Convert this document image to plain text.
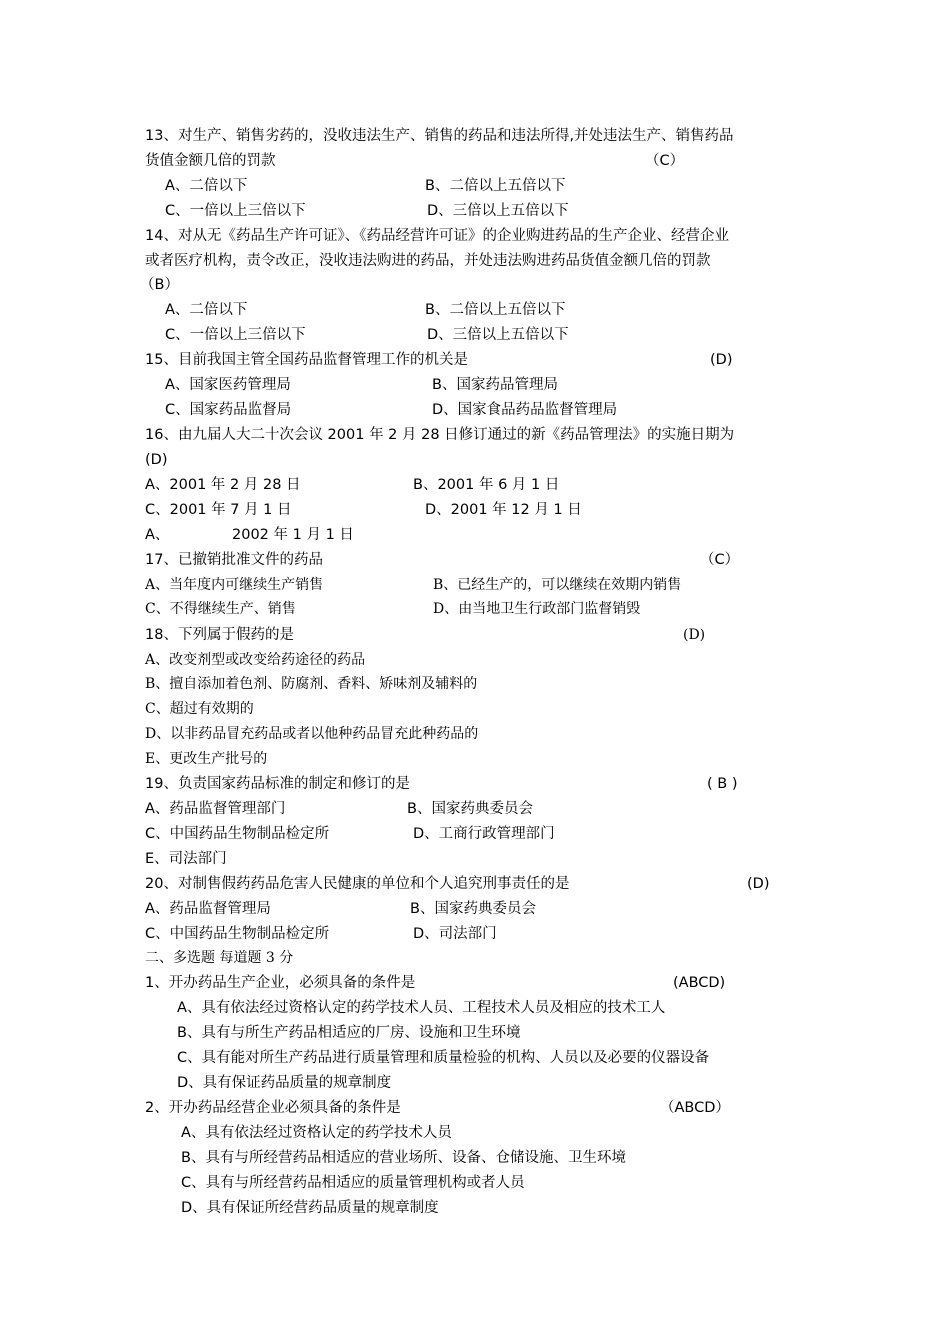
13、对生产、销售劣药的，没收违法生产、销售的药品和违法所得,并处违法生产、销售药品
货值金额几倍的罚款	（C）
A、二倍以下	B、二倍以上五倍以下
C、一倍以上三倍以下	D、三倍以上五倍以下
14、对从无《药品生产许可证》、《药品经营许可证》的企业购进药品的生产企业、经营企业
或者医疗机构，责令改正，没收违法购进的药品，并处违法购进药品货值金额几倍的罚款
（B）
A、二倍以下	B、二倍以上五倍以下
C、一倍以上三倍以下	D、三倍以上五倍以下
15、目前我国主管全国药品监督管理工作的机关是	(D)
A、国家医药管理局	B、国家药品管理局
C、国家药品监督局	D、国家食品药品监督管理局
16、由九届人大二十次会议 2001 年 2 月 28 日修订通过的新《药品管理法》的实施日期为
(D)
A、2001 年 2 月 28 日	B、2001 年 6 月 1 日
C、2001 年 7 月 1 日	D、2001 年 12 月 1 日
A、	2002 年 1 月 1 日
17、已撤销批准文件的药品	（C）
A、当年度内可继续生产销售	B、已经生产的，可以继续在效期内销售
C、不得继续生产、销售	D、由当地卫生行政部门监督销毁
18、下列属于假药的是	(D)
A、改变剂型或改变给药途径的药品
B、擅自添加着色剂、防腐剂、香料、矫味剂及辅料的
C、超过有效期的
D、以非药品冒充药品或者以他种药品冒充此种药品的
E、更改生产批号的
19、负责国家药品标准的制定和修订的是	( B )
A、药品监督管理部门	B、国家药典委员会
C、中国药品生物制品检定所	D、工商行政管理部门
E、司法部门
20、对制售假药药品危害人民健康的单位和个人追究刑事责任的是	(D)
A、药品监督管理局	B、国家药典委员会
C、中国药品生物制品检定所	D、司法部门
二、多选题 每道题 3 分
1、开办药品生产企业，必须具备的条件是	(ABCD)
A、具有依法经过资格认定的药学技术人员、工程技术人员及相应的技术工人
B、具有与所生产药品相适应的厂房、设施和卫生环境
C、具有能对所生产药品进行质量管理和质量检验的机构、人员以及必要的仪器设备
D、具有保证药品质量的规章制度
2、开办药品经营企业必须具备的条件是	（ABCD）
A、具有依法经过资格认定的药学技术人员
B、具有与所经营药品相适应的营业场所、设备、仓储设施、卫生环境
C、具有与所经营药品相适应的质量管理机构或者人员
D、具有保证所经营药品质量的规章制度
